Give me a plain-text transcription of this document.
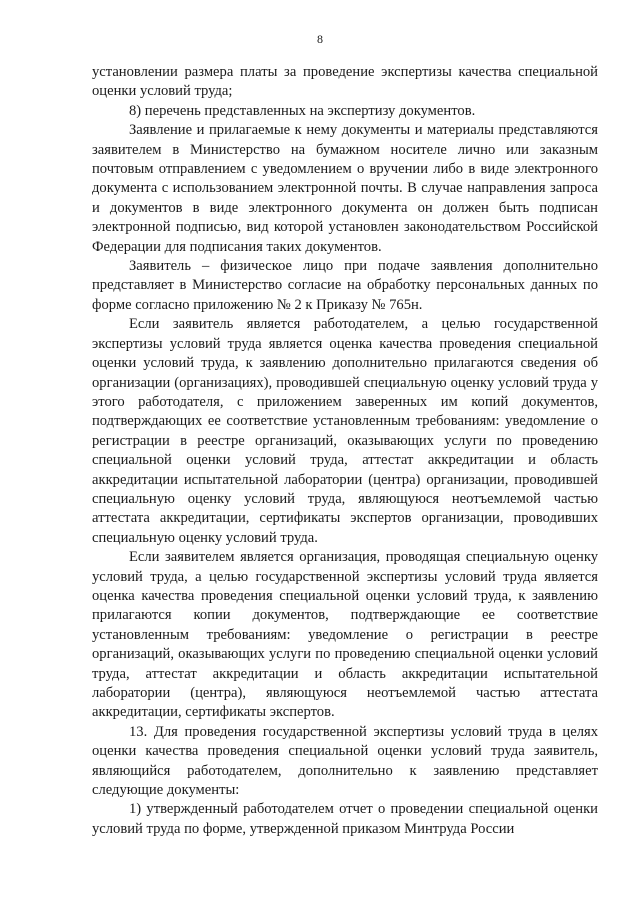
8

установлении размера платы за проведение экспертизы качества специальной оценки условий труда;

8) перечень представленных на экспертизу документов.

Заявление и прилагаемые к нему документы и материалы представляются заявителем в Министерство на бумажном носителе лично или заказным почтовым отправлением с уведомлением о вручении либо в виде электронного документа с использованием электронной почты. В случае направления запроса и документов в виде электронного документа он должен быть подписан электронной подписью, вид которой установлен законодательством Российской Федерации для подписания таких документов.

Заявитель – физическое лицо при подаче заявления дополнительно представляет в Министерство согласие на обработку персональных данных по форме согласно приложению № 2 к Приказу № 765н.

Если заявитель является работодателем, а целью государственной экспертизы условий труда является оценка качества проведения специальной оценки условий труда, к заявлению дополнительно прилагаются сведения об организации (организациях), проводившей специальную оценку условий труда у этого работодателя, с приложением заверенных им копий документов, подтверждающих ее соответствие установленным требованиям: уведомление о регистрации в реестре организаций, оказывающих услуги по проведению специальной оценки условий труда, аттестат аккредитации и область аккредитации испытательной лаборатории (центра) организации, проводившей специальную оценку условий труда, являющуюся неотъемлемой частью аттестата аккредитации, сертификаты экспертов организации, проводивших специальную оценку условий труда.

Если заявителем является организация, проводящая специальную оценку условий труда, а целью государственной экспертизы условий труда является оценка качества проведения специальной оценки условий труда, к заявлению прилагаются копии документов, подтверждающие ее соответствие установленным требованиям: уведомление о регистрации в реестре организаций, оказывающих услуги по проведению специальной оценки условий труда, аттестат аккредитации и область аккредитации испытательной лаборатории (центра), являющуюся неотъемлемой частью аттестата аккредитации, сертификаты экспертов.

13. Для проведения государственной экспертизы условий труда в целях оценки качества проведения специальной оценки условий труда заявитель, являющийся работодателем, дополнительно к заявлению представляет следующие документы:

1) утвержденный работодателем отчет о проведении специальной оценки условий труда по форме, утвержденной приказом Минтруда России
